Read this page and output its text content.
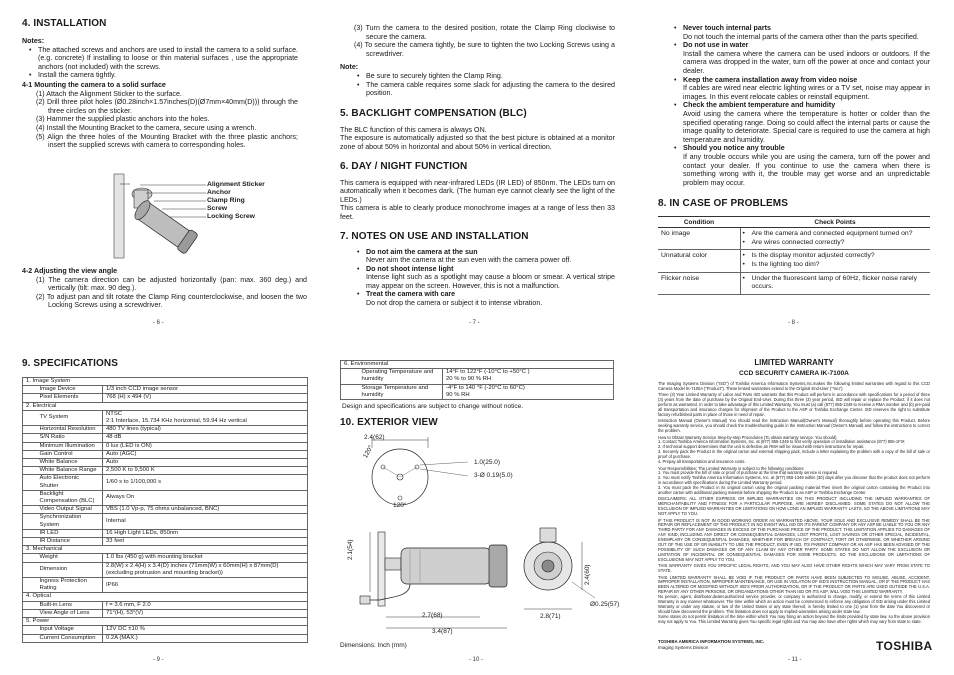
4. INSTALLATION
Notes:
• The attached screws and anchors are used to install the camera to a solid surface. (e.g. concrete) If installing to loose or thin material surfaces , use the appropriate anchors (not included) with the screws.
• Install the camera tightly.
4-1 Mounting the camera to a solid surface
(1) Attach the Alignment Sticker to the surface.
(2) Drill three pilot holes (Ø0.28inch×1.57inches(D)(Ø7mm×40mm(D))) through the three circles on the sticker.
(3) Hammer the supplied plastic anchors into the holes.
(4) Install the Mounting Bracket to the camera, secure using a wrench.
(5) Align the three holes of the Mounting Bracket with the three plastic anchors; insert the supplied screws with camera to corresponding holes.
Alignment Sticker
Anchor
Clamp Ring
Screw
Locking Screw
4-2 Adjusting the view angle
(1) The camera direction can be adjusted horizontally (pan: max. 360 deg.) and vertically (tilt: max. 90 deg.).
(2) To adjust pan and tilt rotate the Clamp Ring counterclockwise, and loosen the two Locking Screws using a screwdriver.
- 6 -
(3) Turn the camera to the desired position, rotate the Clamp Ring clockwise to secure the camera.
(4) To secure the camera tightly, be sure to tighten the two Locking Screws using a screwdriver.
Note:
• Be sure to securely tighten the Clamp Ring.
• The camera cable requires some slack for adjusting the camera to the desired position.
5. BACKLIGHT COMPENSATION (BLC)
The BLC function of this camera is always ON.
The exposure is automatically adjusted so that the best picture is obtained at a monitor zone of about 50% in horizontal and about 50% in vertical direction.
6. DAY / NIGHT FUNCTION
This camera is equipped with near-infrared LEDs (IR LED) of 850nm. The LEDs turn on automatically when it becomes dark. (The human eye cannot clearly see the light of the LEDs.)
This camera is able to clearly produce monochrome images at a range of less then 33 feet.
7. NOTES ON USE AND INSTALLATION
• Do not aim the camera at the sun
Never aim the camera at the sun even with the camera power off.
• Do not shoot intense light
Intense light such as a spotlight may cause a bloom or smear. A vertical stripe may appear on the screen. However, this is not a malfunction.
• Treat the camera with care
Do not drop the camera or subject it to intense vibration.
- 7 -
• Never touch internal parts
Do not touch the internal parts of the camera other than the parts specified.
• Do not use in water
Install the camera where the camera can be used indoors or outdoors. If the camera was dropped in the water, turn off the power at once and contact your dealer.
• Keep the camera installation away from video noise
If cables are wired near electric lighting wires or a TV set, noise may appear in images. In this event relocate cables or reinstall equipment.
• Check the ambient temperature and humidity
Avoid using the camera where the temperature is hotter or colder than the specified operating range. Doing so could affect the internal parts or cause the image quality to deteriorate. Special care is required to use the camera at high temperature and humidity.
• Should you notice any trouble
If any trouble occurs while you are using the camera, turn off the power and contact your dealer. If you continue to use the camera when there is something wrong with it, the trouble may get worse and an unpredictable problem may occur.
8. IN CASE OF PROBLEMS
Condition	Check Points
No image	• Are the camera and connected equipment turned on?
• Are wires connected correctly?

Unnatural color	• Is the display monitor adjusted correctly?
• Is the lighting too dim?

Flicker noise	• Under the fluorescent lamp of 60Hz, flicker noise rarely occurs.
- 8 -
9. SPECIFICATIONS
1. Image System		
	Image Device	1/3 inch CCD image sensor

	Pixel Elements	768 (H) x 494 (V)

2. Electrical		
	TV System	NTSC
2:1 Interlace, 15.734 KHz horizontal, 59.94 Hz vertical

	Horizontal Resolution	480 TV lines (typical)

	S/N Ratio	48 dB

	Minimum Illumination	0 lux (LED is ON)

	Gain Control	Auto (AGC)

	White Balance	Auto

	White Balance Range	2,500 K to 9,500 K

	Auto Electronic Shutter	1/60 s to 1/100,000 s

	Backlight Compensation (BLC)	Always On

	Video Output Signal	VBS (1.0 Vp-p, 75 ohms unbalanced, BNC)

	Synchronization System	Internal

	IR LED	16 High Light LEDs, 850nm

	IR Distance	33 feet

3. Mechanical		
	Weight	1.0 lbs (450 g) with mounting bracket

	Dimension	2.8(W) x 2.4(H) x 3.4(D) inches (71mm(W) x 60mm(H) x 87mm(D) (excluding protrusion and mounting bracket))

	Ingress Protection Rating	IP66

4. Optical		
	Built-in Lens	f = 3.6 mm, F 2.0

	View Angle of Lens	71°(H), 53°(V)

5. Power		
	Input Voltage	12V DC ±10 %

	Current Consumption	0.2A (MAX.)
- 9 -
6. Environmental		
	Operating Temperature and humidity	14°F to 122°F (-10°C to +50°C )
20 % to 90 % RH

	Storage Temperature and humidity	-4°F to 140 °F (-20°C to 60°C)
90 % RH
Design and specifications are subject to change without notice.
10. EXTERIOR VIEW
2.4(62)
1.0(25.0)
3-Ø 0.19(5.0)
120°
120°
2.1(54)
2.4(60)
Ø0.25(57)
2.7(68)
3.4(87)
2.8(71)
Dimensions: Inch (mm)
- 10 -
LIMITED WARRANTY
CCD SECURITY CAMERA IK-7100A
The Imaging Systems Division ("ISD") of Toshiba America Information Systems,Inc.makes the following limited warranties with regard to this CCD Camera Model IK-7100A ("Product"). These limited warranties extend to the Original End-User ("You").
Three (3) Year Limited Warranty of Labor and Parts ISD warrants that this Product will perform in accordance with specifications for a period of three (3) years from the date of purchase by the Original End-User. During this three (3) year period, ISD will repair or replace the Product, if it does not perform as warranted. In order to take advantage of this Limited Warranty, You must (a) call (877) 855-1349 to receive a RMA number and (b) pre-paid all transportation and insurance charges for shipment of the Product to the ASP or Toshiba Exchange Center. ISD reserves the right to substitute factory refurbished parts in place of those in need of repair.
Instruction Manual (Owner's Manual) You should read the Instruction Manual(Owner's Manual) thoroughly before operating this Product. Before seeking warranty service, you should check the troubleshooting guide in the Instruction Manual (Owner's Manual) and follow the instructions to correct the problem.
How to Obtain Warranty Service Step-by-step Procedures (To obtain warranty service. You should)
1. Contact Toshiba America Information Systems, Inc. at (877) 855-1349 to first verify operation or installation assistance (877) 855-1FIX
2. If technical support determines that the unit is defective,an RMA will be issued with return instructions for repair.
3. Securely pack the Product in the original carton and external shipping pack, include a letter explaining the problem with a copy of the bill of sale or proof of purchase.
4. Prepay all transportation and insurance costs.
Your Responsibilities: The Limited Warranty is subject to the following conditions:
1. You must provide the bill of sale or proof of purchase at the time that warranty service is required.
2. You must notify Toshiba America Information Systems, Inc. at (877) 855-1349 within (30) days after you discover that the product does not perform in accordance with specifications during the Limited Warranty period.
3. You must pack the Product in its original carton using the original packing material.Then insert the original carton containing the Product into another carton with additional packing material before shipping the Product to an ASP or Toshiba Exchange Center.
DISCLAIMERS: ALL OTHER EXPRESS OR IMPLIED WARRANTIES ON THIS PRODUCT INCLUDING THE IMPLIED WARRANTIES OF MERCHANTABILITY AND FITNESS FOR A PARTICULAR PURPOSE, ARE HEREBY DISCLAIMED. SOME STATES DO NOT ALLOW THE EXCLUSION OF IMPLIED WARRANTIES OR LIMITATIONS ON HOW LONG AN IMPLIED WARRANTY LASTS, SO THE ABOVE LIMITATIONS MAY NOT APPLY TO YOU.
IF THIS PRODUCT IS NOT IN GOOD WORKING ORDER AS WARRANTED ABOVE, YOUR SOLE AND EXCLUSIVE REMEDY SHALL BE THE REPAIR OR REPLACEMENT OF THE PRODUCT. IN NO EVENT WILL ISD OR ITS PARENT COMPANY OR ANY ASP BE LIABLE TO YOU OR ANY THIRD PARTY FOR ANY DAMAGES IN EXCESS OF THE PURCHASE PRICE OF THE PRODUCT. THIS LIMITATION APPLIES TO DAMAGES OF ANY KIND, INCLUDING ANY DIRECT OR CONSEQUENTIAL DAMAGES, LOST PROFITS, LOST SAVINGS OR OTHER SPECIAL, INCIDENTAL, EXEMPLARY OR CONSEQUENTIAL DAMAGES, WHETHER FOR BREACH OF CONTRACT, TORT OR OTHERWISE, OR WHETHER ARISING OUT OF THE USE OF OR INABILITY TO USE THE PRODUCT, EVEN IF ISD, ITS PARENT COMPANY OR AN ASP HAS BEEN ADVISED OF THE POSSIBILITY OF SUCH DAMAGES OR OF ANY CLAIM BY ANY OTHER PARTY. SOME STATES DO NOT ALLOW THE EXCLUSION OR LIMITATION OF INCIDENTAL OR CONSEQUENTIAL DAMAGES FOR SOME PRODUCTS, SO THE EXCLUSIONS OR LIMITATIONS OF EXCLUSIONS MAY NOT APPLY TO YOU.
THIS WARRANTY GIVES YOU SPECIFIC LEGAL RIGHTS, AND YOU MAY ALSO HAVE OTHER RIGHTS WHICH MAY VARY FROM STATE TO STATE.
THIS LIMITED WARRANTY SHALL BE VOID IF THE PRODUCT OR PARTS HAVE BEEN SUBJECTED TO MISUSE, ABUSE, ACCIDENT, IMPROPER INSTALLATION, IMPROPER MAINTENANCE, OR USE IN VIOLATION OF ISD'S INSTRUCTION MANUAL, OR IF THE PRODUCT HAS BEEN ALTERED OR MODIFIED WITHOUT ISD'S PRIOR AUTHORIZATION, OR IF THE PRODUCT OR PARTS ARE USED OUTSIDE THE U.S.A. REPAIR BY ANY OTHER PERSONS, OR ORGANIZATIONS OTHER THAN ISD OR ITS ASP, WILL VOID THIS LIMITED WARRANTY.
No person, agent, distributor,dealer,authorized service provider, or company is authorized to change, modify, or extend the terms of this Limited Warranty in any manner whatsoever. The time within which an action must be commenced to enforce any obligation of ISD arising under this Limited Warranty or under any statute, or law of the United States or any state thereof, is hereby limited to one (1) year from the date You discovered or should have discovered the problem. This limitation does not apply to implied warranties arising under state law.
Some states do not permit limitation of the time within which You may bring an action beyond the limits provided by state law, so the above provision may not apply to You. This Limited Warranty gives You specific legal rights and You may also have other rights which may vary from state to state.
TOSHIBA AMERICA INFORMATION SYSTEMS, INC.
Imaging Systems Division	TOSHIBA
- 11 -
